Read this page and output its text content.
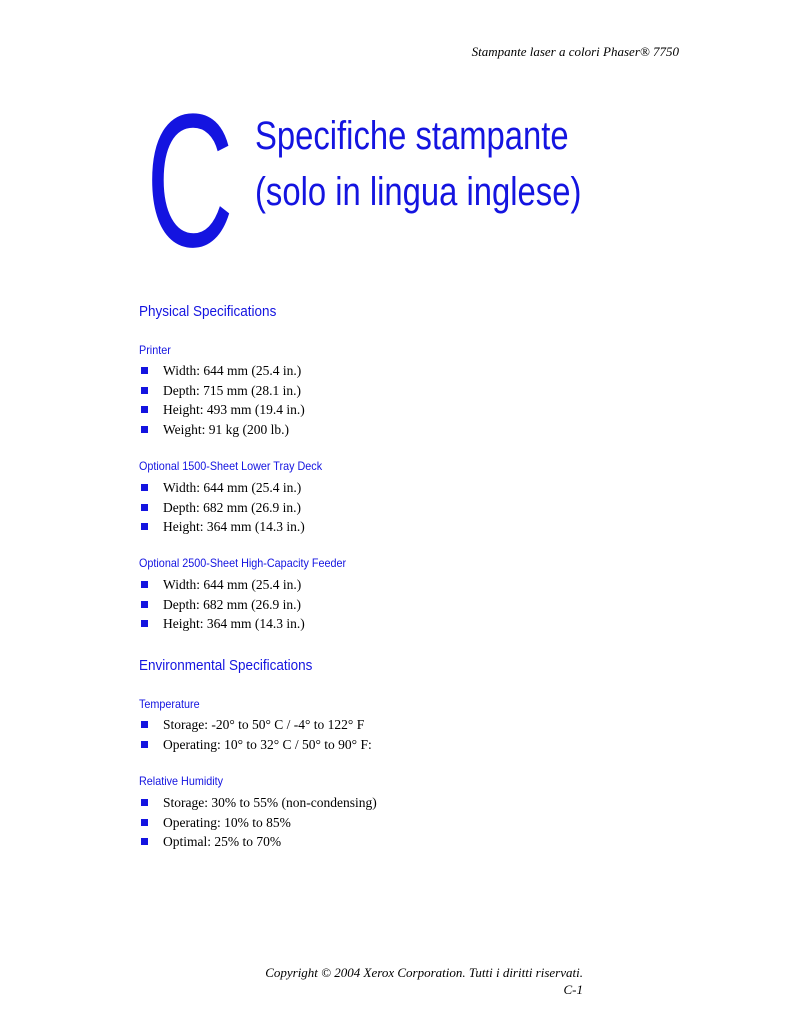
Stampante laser a colori Phaser® 7750
C Specifiche stampante
(solo in lingua inglese)
Physical Specifications
Printer
Width: 644 mm (25.4 in.)
Depth: 715 mm (28.1 in.)
Height: 493 mm (19.4 in.)
Weight: 91 kg (200 lb.)
Optional 1500-Sheet Lower Tray Deck
Width: 644 mm (25.4 in.)
Depth: 682 mm (26.9 in.)
Height: 364 mm (14.3 in.)
Optional 2500-Sheet High-Capacity Feeder
Width: 644 mm (25.4 in.)
Depth: 682 mm (26.9 in.)
Height: 364 mm (14.3 in.)
Environmental Specifications
Temperature
Storage: -20° to 50° C / -4° to 122° F
Operating: 10° to 32° C / 50° to 90° F:
Relative Humidity
Storage: 30% to 55% (non-condensing)
Operating: 10% to 85%
Optimal: 25% to 70%
Copyright © 2004 Xerox Corporation. Tutti i diritti riservati.
C-1
